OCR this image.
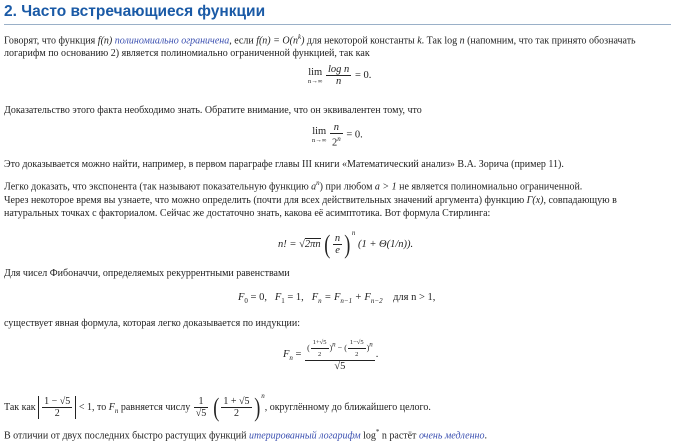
2. Часто встречающиеся функции
Говорят, что функция f(n) полиномиально ограничена, если $f(n) = O(n^k)$ для некоторой константы k. Так log n (напомним, что так принято обозначать логарифм по основанию 2) является полиномиально ограниченной функцией, так как
lim
n→∞
$\frac{\text{log n}}{n} = 0$.
Доказательство этого факта необходимо знать. Обратите внимание, что он эквивалентен тому, что
lim
n→∞
$\frac{n}{2^n} = 0$.
Это доказывается можно найти, например, в первом параграфе главы III книги «Математический анализ» В.А. Зорича (пример 11).
Легко доказать, что экспонента (так называют показательную функцию $a^n$) при любом a > 1 не является полиномиально ограниченной.
Через некоторое время вы узнаете, что можно определить (почти для всех действительных значений аргумента) функцию Γ(x), совпадающую в натуральных точках с факториалом. Сейчас же достаточно знать, какова её асимптотика. Вот формула Стирлинга:
n! = √2πn ( $\frac{n}{e} )^n$ (1 + Θ(1/n)).
Для чисел Фибоначчи, определяемых рекуррентными равенствами
$F_0 = 0$, $F_1 = 1$, $F_n = F_{n-1} + F_{n-2}$ для n > 1,
существует явная формула, которая легко доказывается по индукции:
$F_n = \frac{( \frac{1+√5}{2} )^n - ( \frac{1-√5}{2} )^n}{√5}$ .
Так как $\frac{1 - √5}{2} < 1$, то $F_n$ равняется числу $\frac{1}{√5}$ ( $\frac{1 + √5}{2} )^n$, округлённому до ближайшего целого.
В отличии от двух последних быстро растущих функций итерированный логарифм log* n растёт очень медленно.
